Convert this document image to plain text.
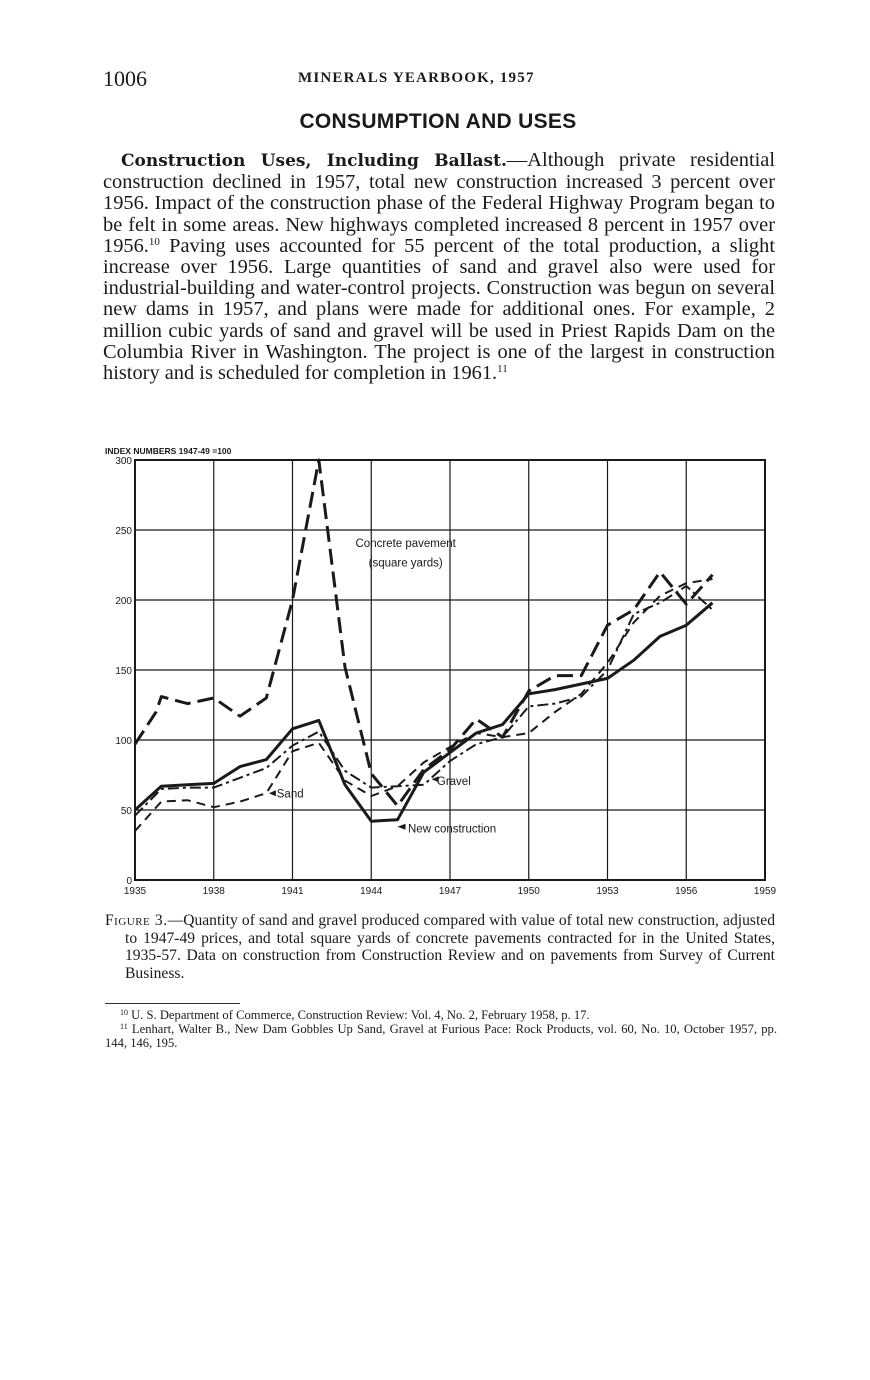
1006	MINERALS YEARBOOK, 1957
CONSUMPTION AND USES

Construction Uses, Including Ballast.—Although private residential construction declined in 1957, total new construction increased 3 percent over 1956. Impact of the construction phase of the Federal Highway Program began to be felt in some areas. New highways completed increased 8 percent in 1957 over 1956.10 Paving uses accounted for 55 percent of the total production, a slight increase over 1956. Large quantities of sand and gravel also were used for industrial-building and water-control projects. Construction was begun on several new dams in 1957, and plans were made for additional ones. For example, 2 million cubic yards of sand and gravel will be used in Priest Rapids Dam on the Columbia River in Washington. The project is one of the largest in construction history and is scheduled for completion in 1961.11

1935	1938	1941	1944	1947	1950	1953	1956	1959
0
50
100
150
200
250
300
INDEX NUMBERS 1947-49 =100
Concrete pavement
(square yards)
Gravel
Sand
New construction

Figure 3.—Quantity of sand and gravel produced compared with value of total new construction, adjusted to 1947-49 prices, and total square yards of concrete pavements contracted for in the United States, 1935-57. Data on construction from Construction Review and on pavements from Survey of Current Business.

$^{10}$ U. S. Department of Commerce, Construction Review: Vol. 4, No. 2, February 1958, p. 17.

$^{11}$ Lenhart, Walter B., New Dam Gobbles Up Sand, Gravel at Furious Pace: Rock Products, vol. 60, No. 10, October 1957, pp. 144, 146, 195.
